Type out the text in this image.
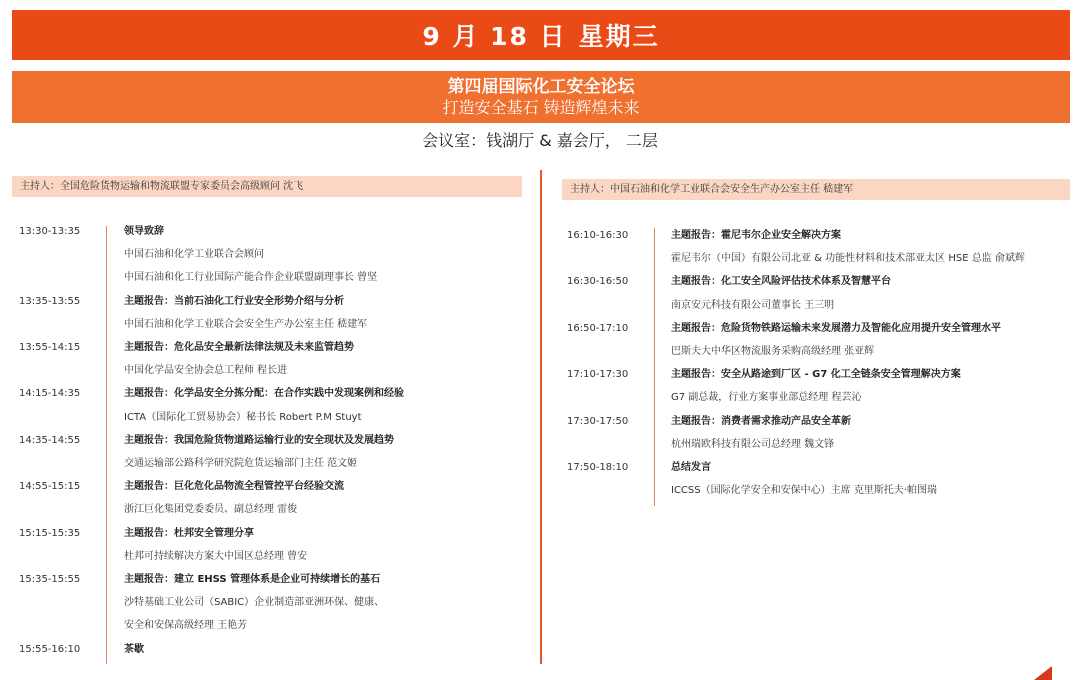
9 月 18 日 星期三
第四届国际化工安全论坛
打造安全基石 铸造辉煌未来
会议室：钱湖厅 & 嘉会厅， 二层
主持人：全国危险货物运输和物流联盟专家委员会高级顾问 沈飞	主持人：中国石油和化学工业联合会安全生产办公室主任 嵇建军
13:30-13:35	领导致辞
中国石油和化学工业联合会顾问
中国石油和化工行业国际产能合作企业联盟副理事长 曾坚
13:35-13:55	主题报告：当前石油化工行业安全形势介绍与分析
中国石油和化学工业联合会安全生产办公室主任 嵇建军
13:55-14:15	主题报告：危化品安全最新法律法规及未来监管趋势
中国化学品安全协会总工程师 程长进
14:15-14:35	主题报告：化学品安全分拣分配：在合作实践中发现案例和经验
ICTA（国际化工贸易协会）秘书长 Robert P.M Stuyt
14:35-14:55	主题报告：我国危险货物道路运输行业的安全现状及发展趋势
交通运输部公路科学研究院危货运输部门主任 范文姬
14:55-15:15	主题报告：巨化危化品物流全程管控平台经验交流
浙江巨化集团党委委员、副总经理 雷俊
15:15-15:35	主题报告：杜邦安全管理分享
杜邦可持续解决方案大中国区总经理 曾安
15:35-15:55	主题报告：建立 EHSS 管理体系是企业可持续增长的基石
沙特基础工业公司（SABIC）企业制造部亚洲环保、健康、
安全和安保高级经理 王艳芳
15:55-16:10	茶歇
16:10-16:30	主题报告：霍尼韦尔企业安全解决方案
霍尼韦尔（中国）有限公司北亚 & 功能性材料和技术部亚太区 HSE 总监 俞斌辉
16:30-16:50	主题报告：化工安全风险评估技术体系及智慧平台
南京安元科技有限公司董事长 王三明
16:50-17:10	主题报告：危险货物铁路运输未来发展潜力及智能化应用提升安全管理水平
巴斯夫大中华区物流服务采购高级经理 张亚辉
17:10-17:30	主题报告：安全从路途到厂区 - G7 化工全链条安全管理解决方案
G7 副总裁，行业方案事业部总经理 程芸沁
17:30-17:50	主题报告：消费者需求推动产品安全革新
杭州瑞欧科技有限公司总经理 魏文锋
17:50-18:10	总结发言
ICCSS（国际化学安全和安保中心）主席 克里斯托夫·帕图瑞
